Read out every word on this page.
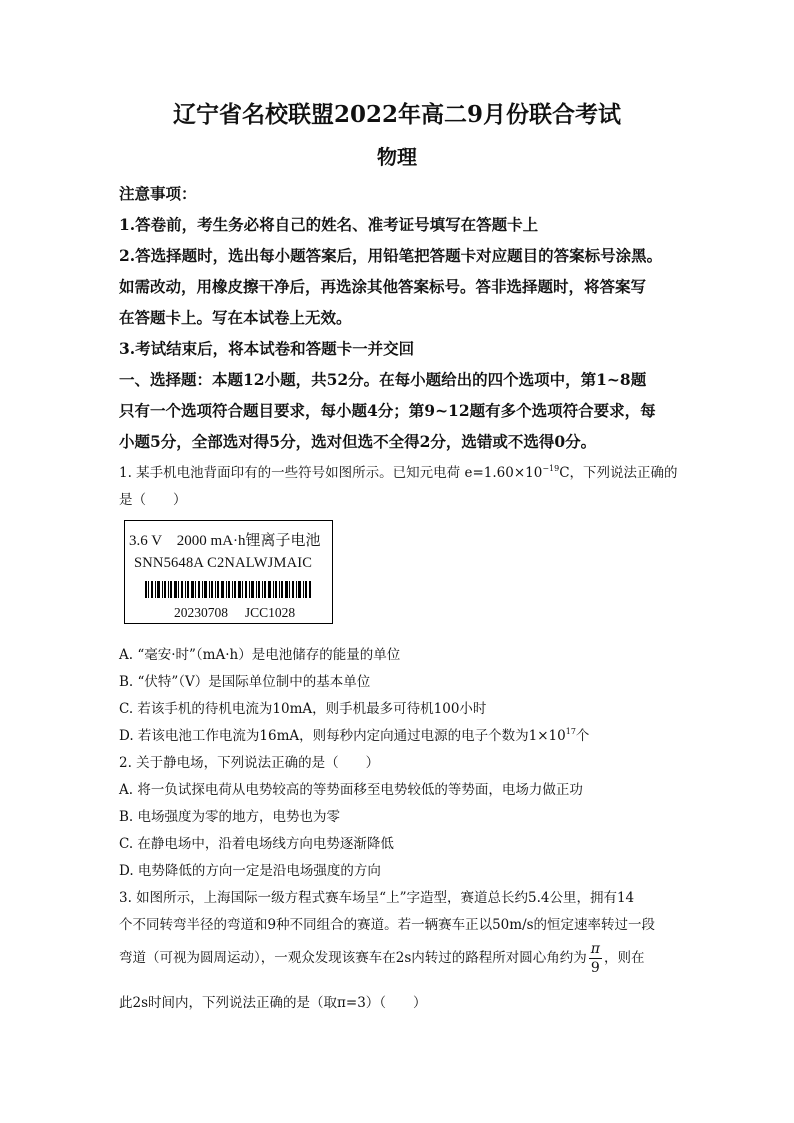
辽宁省名校联盟2022年高二9月份联合考试
物理
注意事项：
1.答卷前，考生务必将自己的姓名、准考证号填写在答题卡上
2.答选择题时，选出每小题答案后，用铅笔把答题卡对应题目的答案标号涂黑。
如需改动，用橡皮擦干净后，再选涂其他答案标号。答非选择题时，将答案写
在答题卡上。写在本试卷上无效。
3.考试结束后，将本试卷和答题卡一并交回
一、选择题：本题12小题，共52分。在每小题给出的四个选项中，第1~8题
只有一个选项符合题目要求，每小题4分；第9~12题有多个选项符合要求，每
小题5分，全部选对得5分，选对但选不全得2分，选错或不选得0分。
1. 某手机电池背面印有的一些符号如图所示。已知元电荷 $e=1.60\times 10^{-19}C$，下列说法正确的
是（　　）
3.6 V　2000 mA·h锂离子电池
SNN5648A C2NALWJMAIC
20230708　 JCC1028
A. “毫安·时”（mA·h）是电池储存的能量的单位
B. “伏特”（V）是国际单位制中的基本单位
C. 若该手机的待机电流为10mA，则手机最多可待机100小时
D. 若该电池工作电流为16mA，则每秒内定向通过电源的电子个数为$1\times 10^{17}$个
2. 关于静电场，下列说法正确的是（　　）
A. 将一负试探电荷从电势较高的等势面移至电势较低的等势面，电场力做正功
B. 电场强度为零的地方，电势也为零
C. 在静电场中，沿着电场线方向电势逐渐降低
D. 电势降低的方向一定是沿电场强度的方向
3. 如图所示，上海国际一级方程式赛车场呈“上”字造型，赛道总长约5.4公里，拥有14
个不同转弯半径的弯道和9种不同组合的赛道。若一辆赛车正以50m/s的恒定速率转过一段
弯道（可视为圆周运动），一观众发现该赛车在2s内转过的路程所对圆心角约为 $\frac{\pi}{9}$ ，则在
此2s时间内，下列说法正确的是（取π=3）（　　）
